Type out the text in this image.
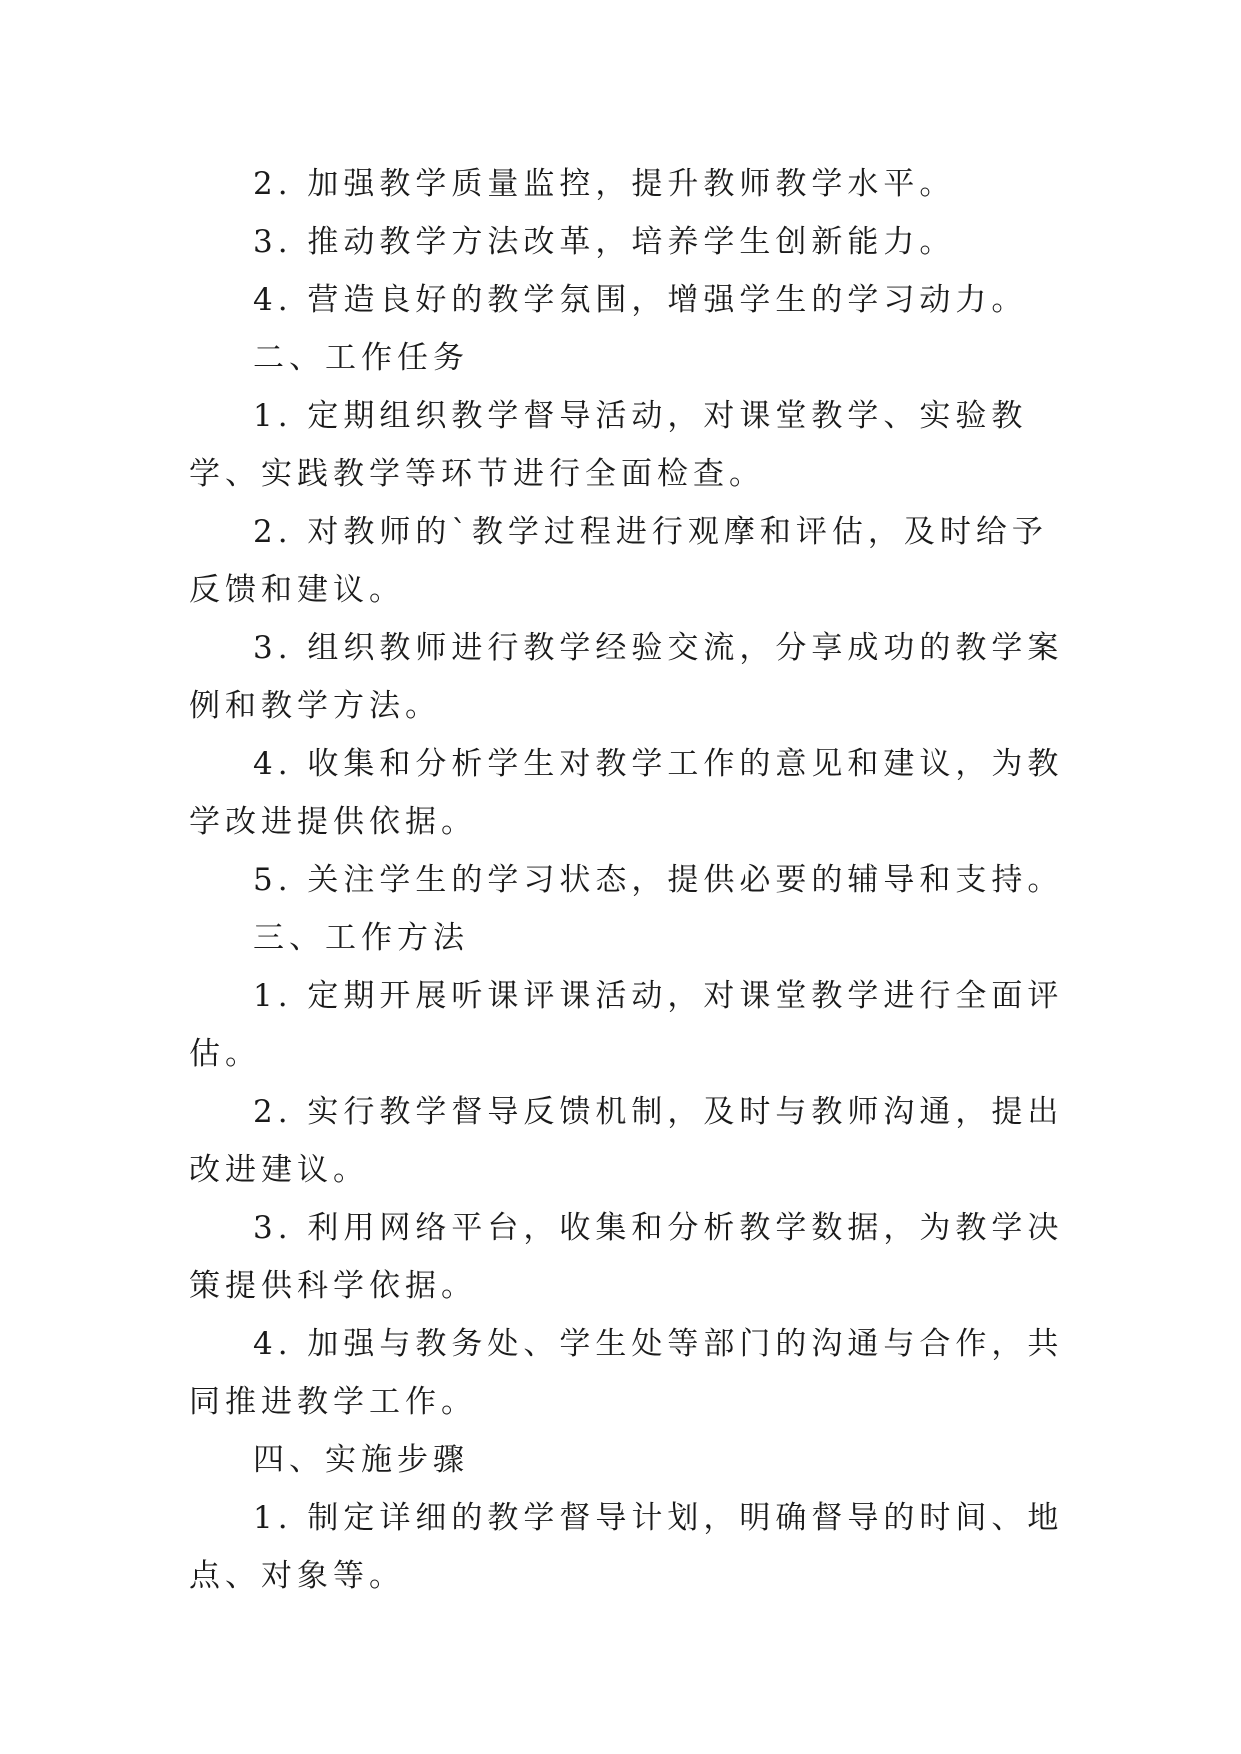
2. 加强教学质量监控，提升教师教学水平。

3. 推动教学方法改革，培养学生创新能力。

4. 营造良好的教学氛围，增强学生的学习动力。

二、工作任务

1. 定期组织教学督导活动，对课堂教学、实验教学、实践教学等环节进行全面检查。

2. 对教师的`教学过程进行观摩和评估，及时给予反馈和建议。

3. 组织教师进行教学经验交流，分享成功的教学案例和教学方法。

4. 收集和分析学生对教学工作的意见和建议，为教学改进提供依据。

5. 关注学生的学习状态，提供必要的辅导和支持。

三、工作方法

1. 定期开展听课评课活动，对课堂教学进行全面评估。

2. 实行教学督导反馈机制，及时与教师沟通，提出改进建议。

3. 利用网络平台，收集和分析教学数据，为教学决策提供科学依据。

4. 加强与教务处、学生处等部门的沟通与合作，共同推进教学工作。

四、实施步骤

1. 制定详细的教学督导计划，明确督导的时间、地点、对象等。
